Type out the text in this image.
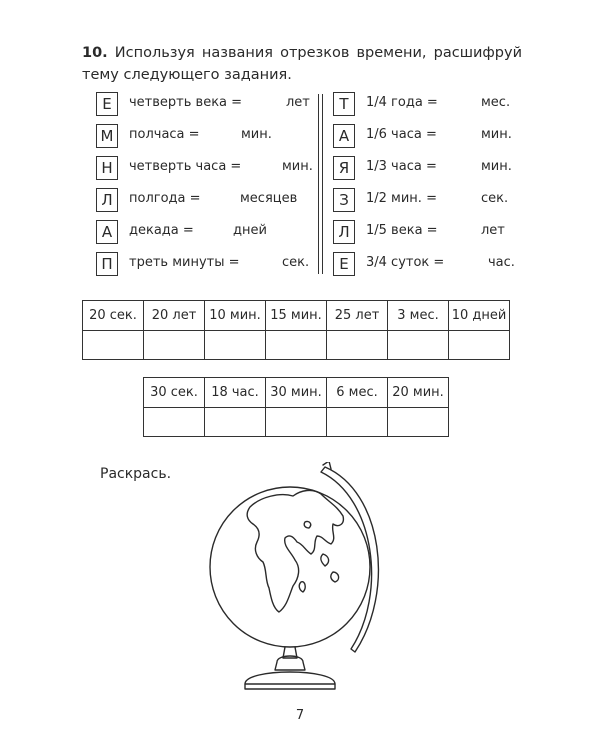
10. Используя названия отрезков времени, расшифруй
тему следующего задания.
Е	четверть века =	лет
М	полчаса =	мин.
Н	четверть часа =	мин.
Л	полгода =	месяцев
А	декада =	дней
П	треть минуты =	сек.
Т	1/4 года =	мес.
А	1/6 часа =	мин.
Я	1/3 часа =	мин.
З	1/2 мин. =	сек.
Л	1/5 века =	лет
Е	3/4 суток =	час.
20 сек.	20 лет	10 мин.	15 мин.	25 лет	3 мес.	10 дней

30 сек.	18 час.	30 мин.	6 мес.	20 мин.

Раскрась.
7
